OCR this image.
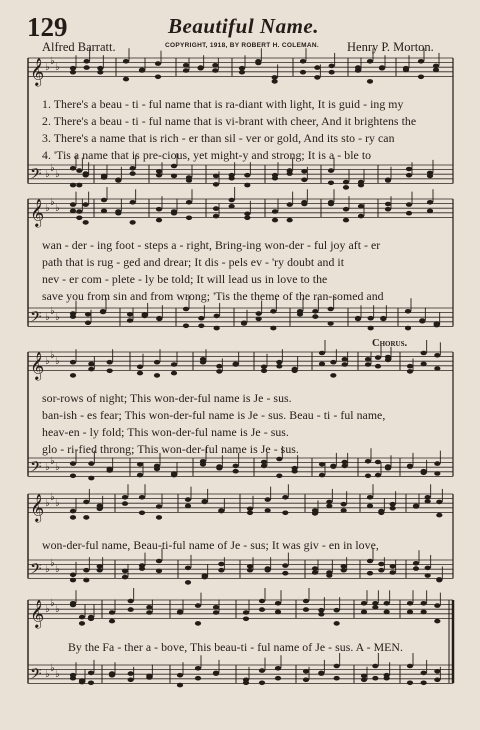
129	Beautiful Name.
Alfred Barratt.	COPYRIGHT, 1918, BY ROBERT H. COLEMAN. Henry P. Morton.
𝄞 ♭
♭
♭
𝄢 ♭
♭
♭
𝄞 ♭
♭
♭
𝄢 ♭
♭
♭
𝄞 ♭
♭
♭
𝄢 ♭
♭
♭
𝄞 ♭
♭
♭
𝄢 ♭
♭
♭
𝄞 ♭
♭
♭
𝄢 ♭
♭
♭
1. There's a beau - ti - ful name that is ra-diant with light, It is guid - ing my
2. There's a beau - ti - ful name that is vi-brant with cheer, And it brightens the
3. There's a name that is rich - er than sil - ver or gold, And its sto - ry can
4. 'Tis a name that is pre-cious, yet might-y and strong; It is a - ble to
wan - der - ing foot - steps a - right, Bring-ing won-der - ful joy aft - er
path that is rug - ged and drear; It dis - pels ev - 'ry doubt and it
nev - er com - plete - ly be told; It will lead us in love to the
save you from sin and from wrong; 'Tis the theme of the ran-somed and
Chorus.
sor-rows of night; This won-der-ful name is Je - sus.
ban-ish - es fear; This won-der-ful name is Je - sus. Beau - ti - ful name,
heav-en - ly fold; This won-der-ful name is Je - sus.
glo - ri-fied throng; This won-der-ful name is Je - sus.
won-der-ful name, Beau-ti-ful name of Je - sus; It was giv - en in love,
By the Fa - ther a - bove, This beau-ti - ful name of Je - sus. A - MEN.
